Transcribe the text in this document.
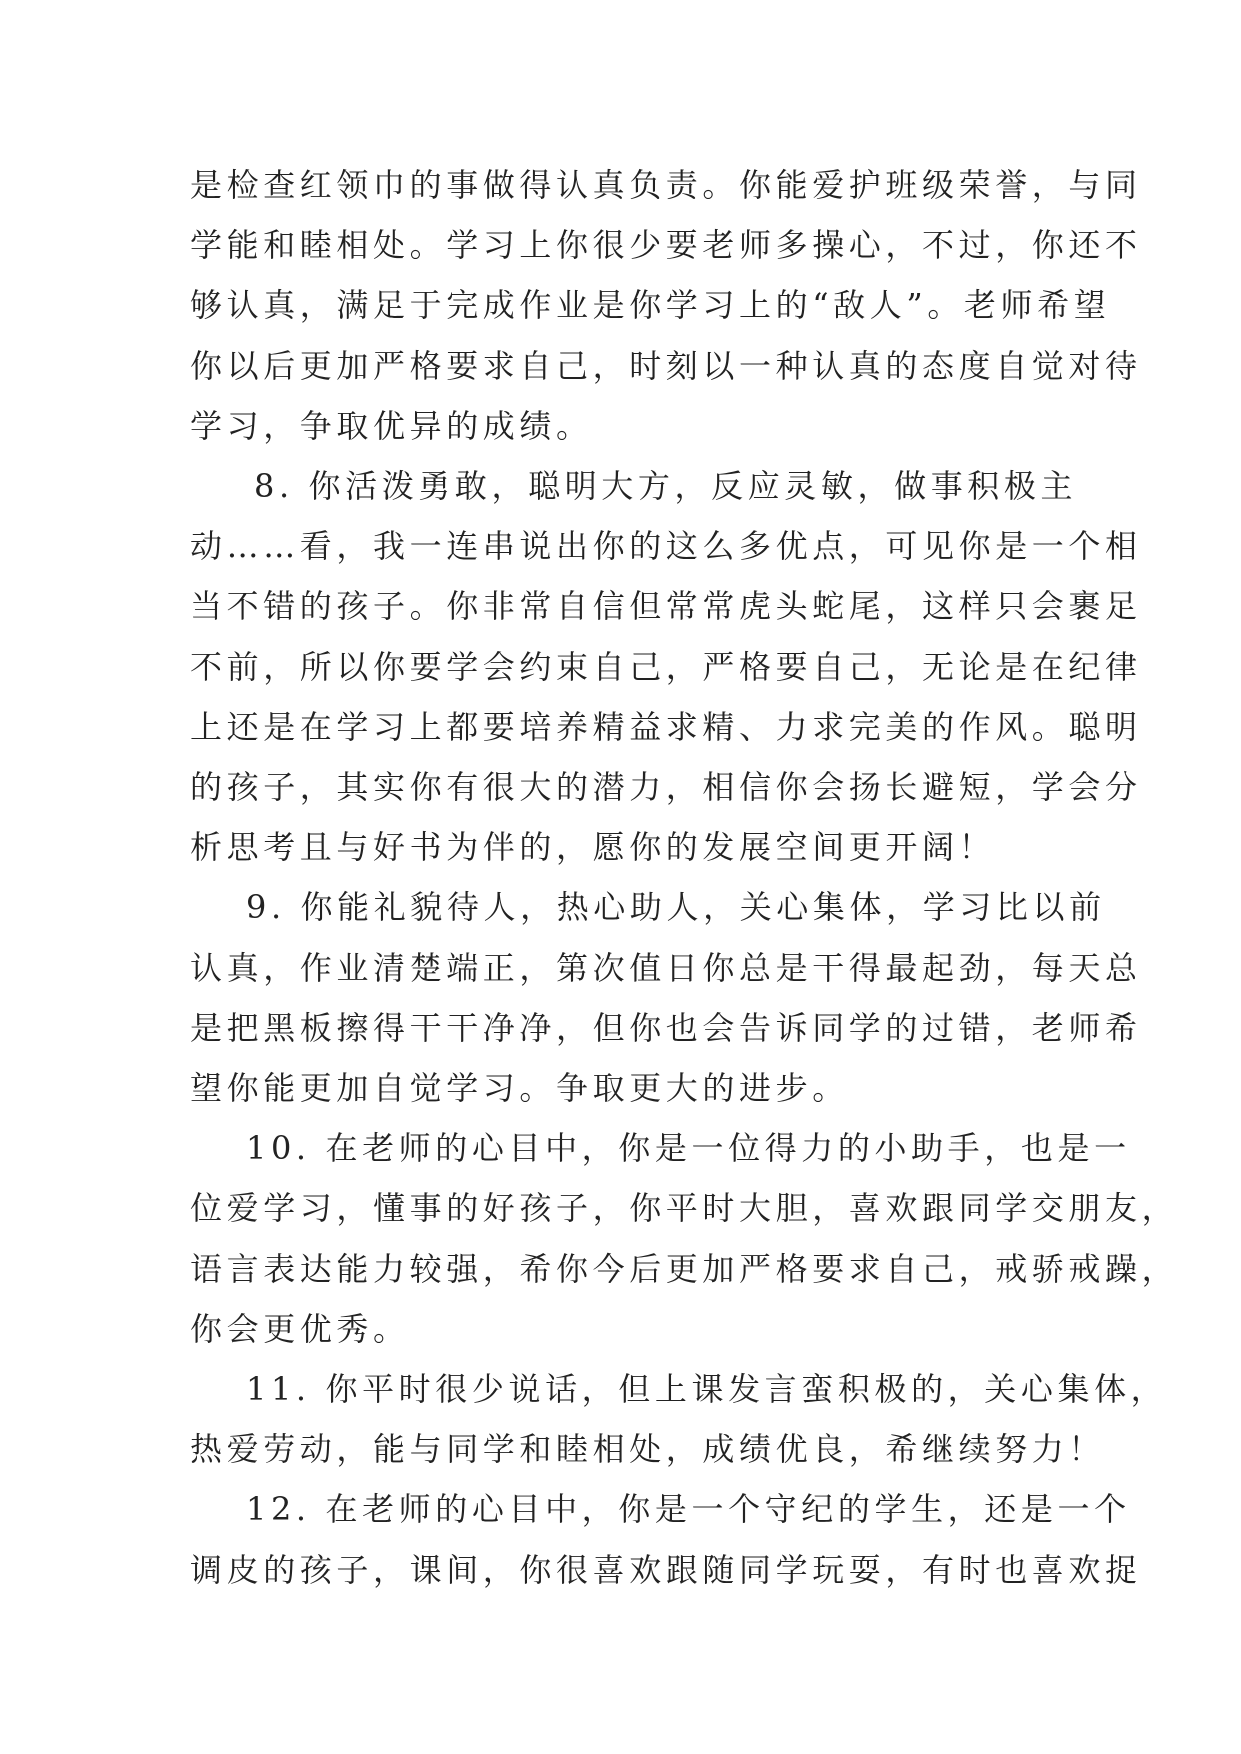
是检查红领巾的事做得认真负责。你能爱护班级荣誉，与同
学能和睦相处。学习上你很少要老师多操心，不过，你还不
够认真，满足于完成作业是你学习上的“敌人”。老师希望
你以后更加严格要求自己，时刻以一种认真的态度自觉对待
学习，争取优异的成绩。

8. 你活泼勇敢，聪明大方，反应灵敏，做事积极主
动……看，我一连串说出你的这么多优点，可见你是一个相
当不错的孩子。你非常自信但常常虎头蛇尾，这样只会裹足
不前，所以你要学会约束自己，严格要自己，无论是在纪律
上还是在学习上都要培养精益求精、力求完美的作风。聪明
的孩子，其实你有很大的潜力，相信你会扬长避短，学会分
析思考且与好书为伴的，愿你的发展空间更开阔！

9. 你能礼貌待人，热心助人，关心集体，学习比以前
认真，作业清楚端正，第次值日你总是干得最起劲，每天总
是把黑板擦得干干净净，但你也会告诉同学的过错，老师希
望你能更加自觉学习。争取更大的进步。

10. 在老师的心目中，你是一位得力的小助手，也是一
位爱学习，懂事的好孩子，你平时大胆，喜欢跟同学交朋友，
语言表达能力较强，希你今后更加严格要求自己，戒骄戒躁，
你会更优秀。

11. 你平时很少说话，但上课发言蛮积极的，关心集体，
热爱劳动，能与同学和睦相处，成绩优良，希继续努力！

12. 在老师的心目中，你是一个守纪的学生，还是一个
调皮的孩子，课间，你很喜欢跟随同学玩耍，有时也喜欢捉
